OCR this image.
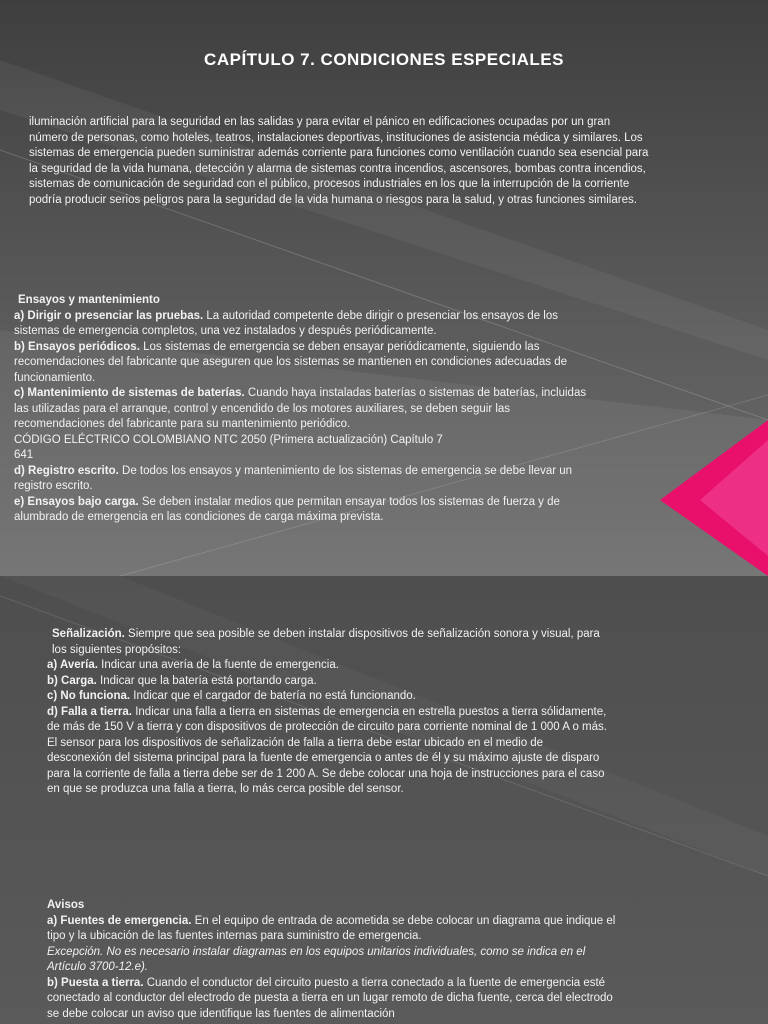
CAPÍTULO 7. CONDICIONES ESPECIALES

iluminación artificial para la seguridad en las salidas y para evitar el pánico en edificaciones ocupadas por un gran número de personas, como hoteles, teatros, instalaciones deportivas, instituciones de asistencia médica y similares. Los sistemas de emergencia pueden suministrar además corriente para funciones como ventilación cuando sea esencial para la seguridad de la vida humana, detección y alarma de sistemas contra incendios, ascensores, bombas contra incendios, sistemas de comunicación de seguridad con el público, procesos industriales en los que la interrupción de la corriente podría producir serios peligros para la seguridad de la vida humana o riesgos para la salud, y otras funciones similares.

Ensayos y mantenimiento

a) Dirigir o presenciar las pruebas. La autoridad competente debe dirigir o presenciar los ensayos de los sistemas de emergencia completos, una vez instalados y después periódicamente.

b) Ensayos periódicos. Los sistemas de emergencia se deben ensayar periódicamente, siguiendo las recomendaciones del fabricante que aseguren que los sistemas se mantienen en condiciones adecuadas de funcionamiento.

c) Mantenimiento de sistemas de baterías. Cuando haya instaladas baterías o sistemas de baterías, incluidas las utilizadas para el arranque, control y encendido de los motores auxiliares, se deben seguir las recomendaciones del fabricante para su mantenimiento periódico.

CÓDIGO ELÉCTRICO COLOMBIANO NTC 2050 (Primera actualización) Capítulo 7

641

d) Registro escrito. De todos los ensayos y mantenimiento de los sistemas de emergencia se debe llevar un registro escrito.

e) Ensayos bajo carga. Se deben instalar medios que permitan ensayar todos los sistemas de fuerza y de alumbrado de emergencia en las condiciones de carga máxima prevista.

Señalización. Siempre que sea posible se deben instalar dispositivos de señalización sonora y visual, para los siguientes propósitos:

a) Avería. Indicar una avería de la fuente de emergencia.

b) Carga. Indicar que la batería está portando carga.

c) No funciona. Indicar que el cargador de batería no está funcionando.

d) Falla a tierra. Indicar una falla a tierra en sistemas de emergencia en estrella puestos a tierra sólidamente, de más de 150 V a tierra y con dispositivos de protección de circuito para corriente nominal de 1 000 A o más. El sensor para los dispositivos de señalización de falla a tierra debe estar ubicado en el medio de desconexión del sistema principal para la fuente de emergencia o antes de él y su máximo ajuste de disparo para la corriente de falla a tierra debe ser de 1 200 A. Se debe colocar una hoja de instrucciones para el caso en que se produzca una falla a tierra, lo más cerca posible del sensor.

Avisos

a) Fuentes de emergencia. En el equipo de entrada de acometida se debe colocar un diagrama que indique el tipo y la ubicación de las fuentes internas para suministro de emergencia.

Excepción. No es necesario instalar diagramas en los equipos unitarios individuales, como se indica en el Artículo 3700-12.e).

b) Puesta a tierra. Cuando el conductor del circuito puesto a tierra conectado a la fuente de emergencia esté conectado al conductor del electrodo de puesta a tierra en un lugar remoto de dicha fuente, cerca del electrodo se debe colocar un aviso que identifique las fuentes de alimentación
